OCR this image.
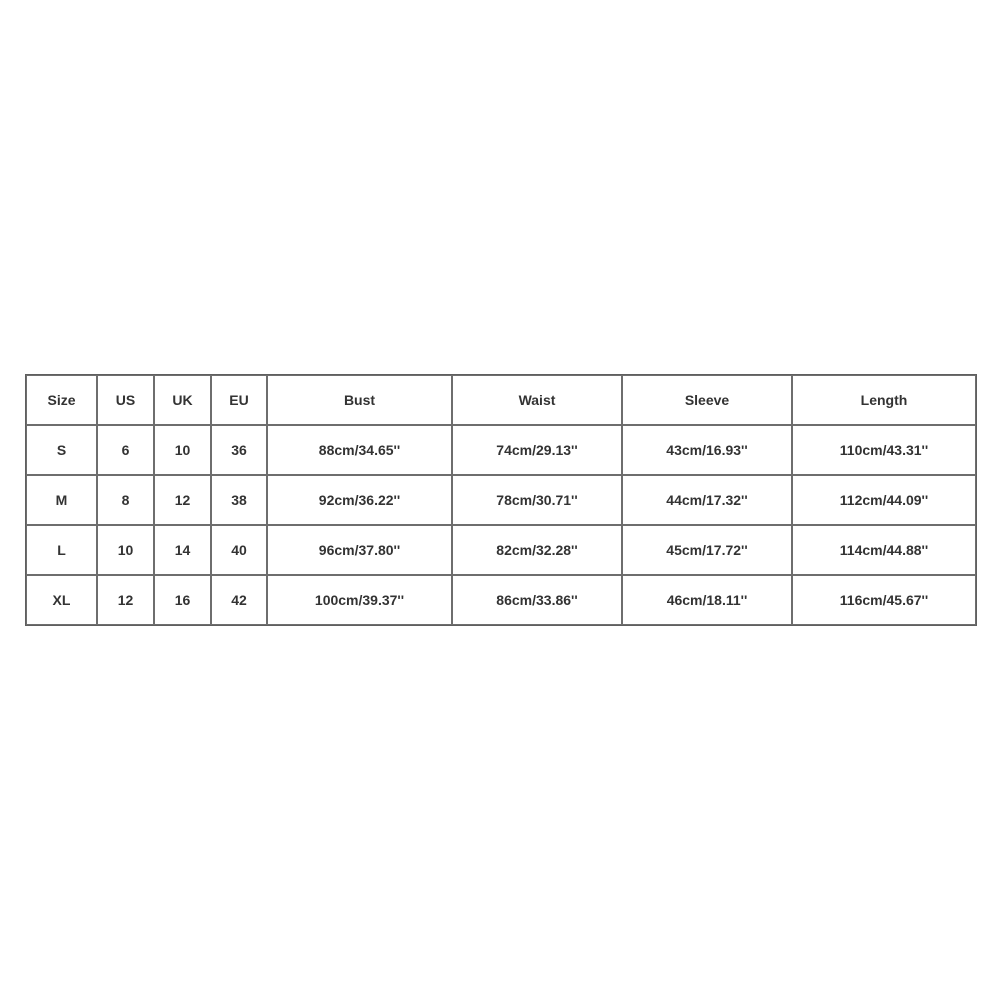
Size	US	UK	EU	Bust	Waist	Sleeve	Length
S	6	10	36	88cm/34.65''	74cm/29.13''	43cm/16.93''	110cm/43.31''
M	8	12	38	92cm/36.22''	78cm/30.71''	44cm/17.32''	112cm/44.09''
L	10	14	40	96cm/37.80''	82cm/32.28''	45cm/17.72''	114cm/44.88''
XL	12	16	42	100cm/39.37''	86cm/33.86''	46cm/18.11''	116cm/45.67''
